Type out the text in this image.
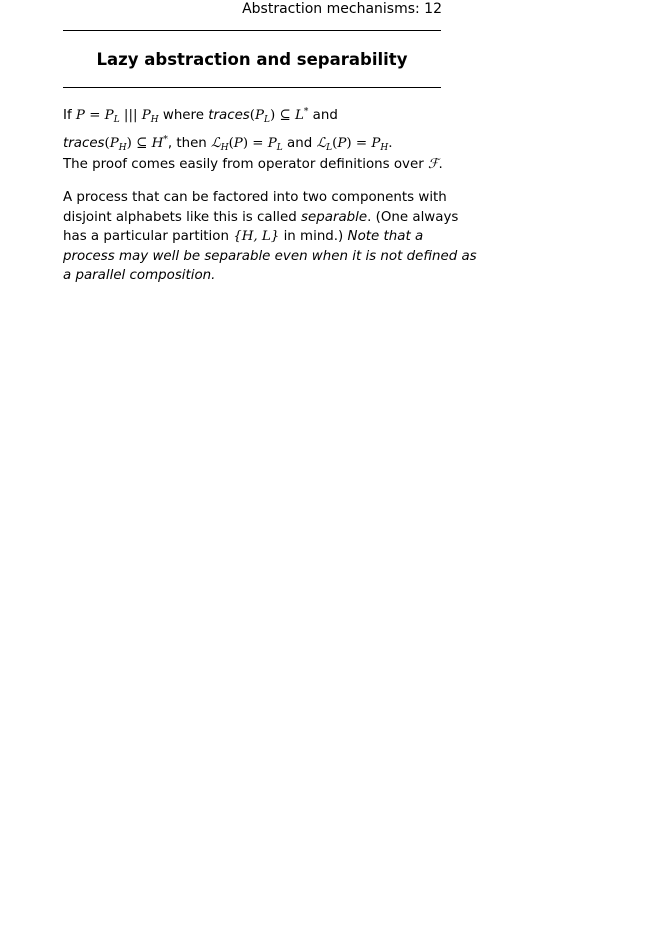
Abstraction mechanisms: 12
Lazy abstraction and separability
If $P = P_L$ ||| $P_H$ where $traces(P_L)$ ⊆ L* and
$traces(P_H)$ ⊆ H*, then ℒ$_H$(P) = $P_L$ and ℒ$_L$(P) = $P_H$.
The proof comes easily from operator definitions over ℱ.
A process that can be factored into two components with
disjoint alphabets like this is called separable. (One always
has a particular partition {H, L} in mind.) Note that a
process may well be separable even when it is not defined as
a parallel composition.
